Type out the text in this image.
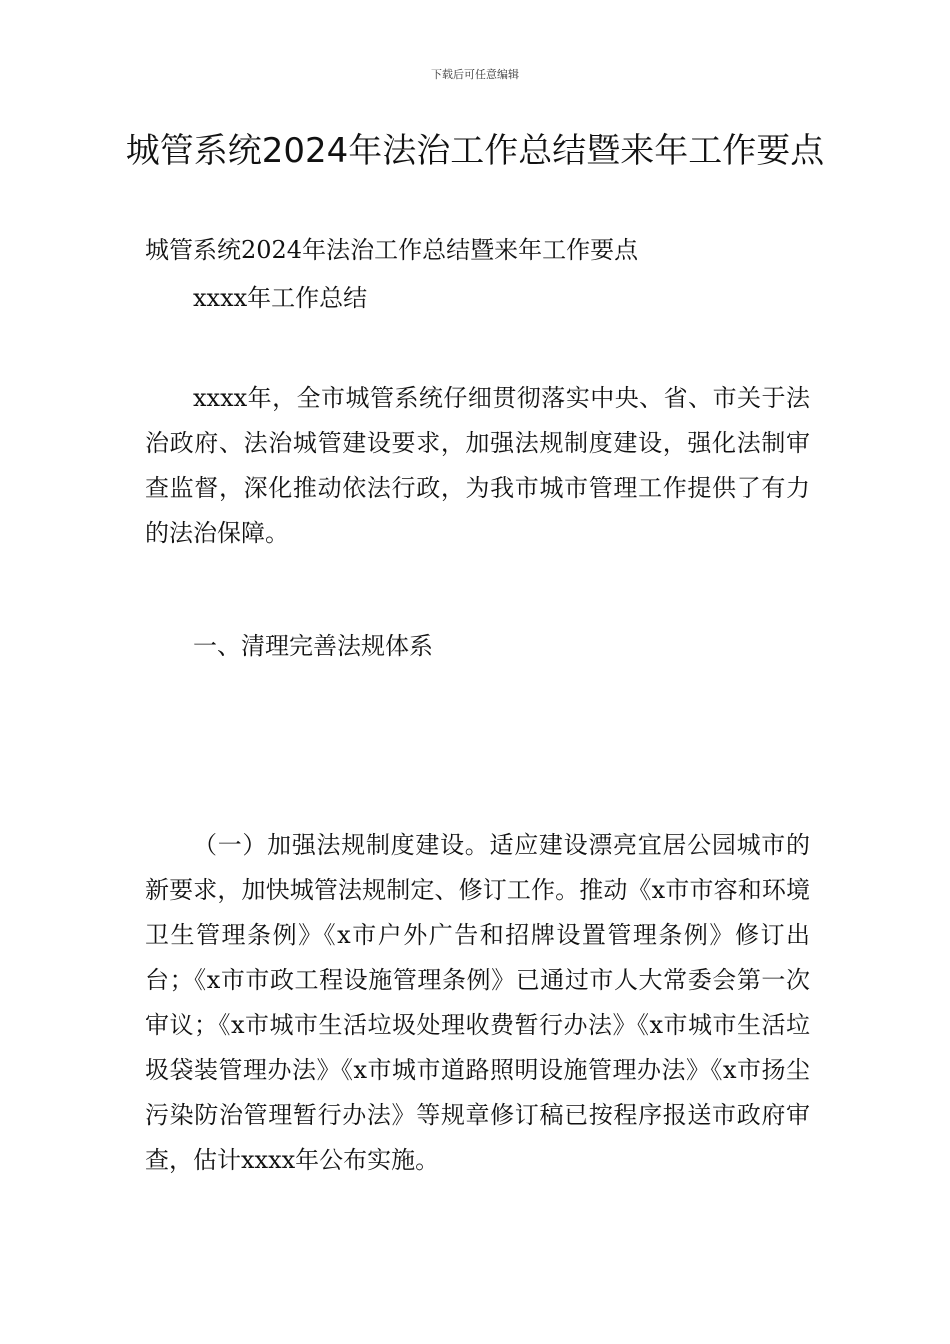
下载后可任意编辑
城管系统2024年法治工作总结暨来年工作要点

城管系统2024年法治工作总结暨来年工作要点

xxxx年工作总结

xxxx年，全市城管系统仔细贯彻落实中央、省、市关于法治政府、法治城管建设要求，加强法规制度建设，强化法制审查监督，深化推动依法行政，为我市城市管理工作提供了有力的法治保障。

一、清理完善法规体系

（一）加强法规制度建设。适应建设漂亮宜居公园城市的新要求，加快城管法规制定、修订工作。推动《x市市容和环境卫生管理条例》《x市户外广告和招牌设置管理条例》修订出台；《x市市政工程设施管理条例》已通过市人大常委会第一次审议；《x市城市生活垃圾处理收费暂行办法》《x市城市生活垃圾袋装管理办法》《x市城市道路照明设施管理办法》《x市扬尘污染防治管理暂行办法》等规章修订稿已按程序报送市政府审查，估计xxxx年公布实施。
